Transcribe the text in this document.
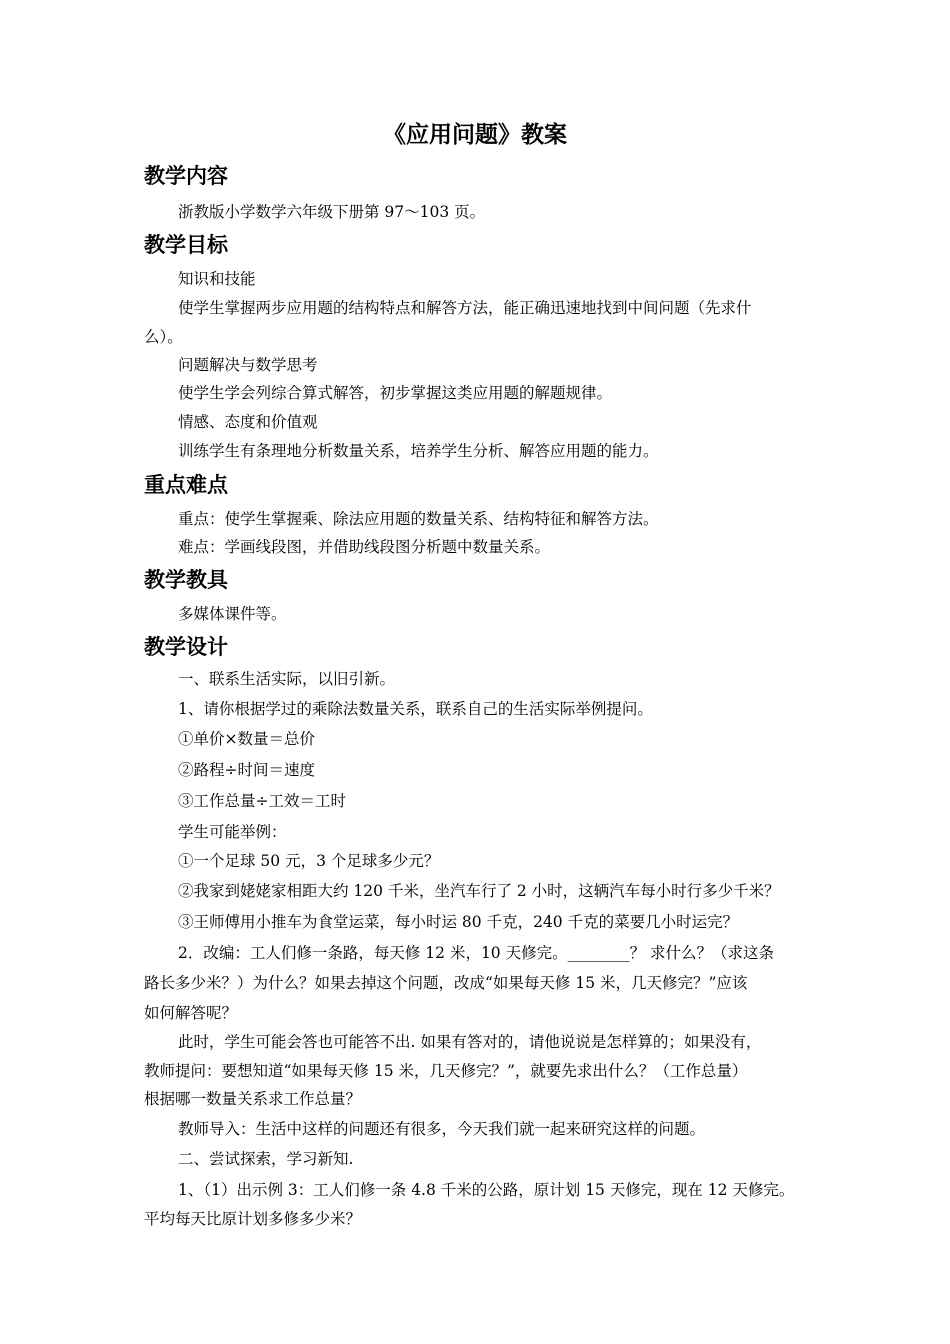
《应用问题》教案
教学内容
浙教版小学数学六年级下册第 97～103 页。
教学目标
知识和技能
使学生掌握两步应用题的结构特点和解答方法，能正确迅速地找到中间问题（先求什
么）。
问题解决与数学思考
使学生学会列综合算式解答，初步掌握这类应用题的解题规律。
情感、态度和价值观
训练学生有条理地分析数量关系，培养学生分析、解答应用题的能力。
重点难点
重点：使学生掌握乘、除法应用题的数量关系、结构特征和解答方法。
难点：学画线段图，并借助线段图分析题中数量关系。
教学教具
多媒体课件等。
教学设计
一、联系生活实际，以旧引新。
1、请你根据学过的乘除法数量关系，联系自己的生活实际举例提问。
①单价×数量＝总价
②路程÷时间＝速度
③工作总量÷工效＝工时
学生可能举例：
①一个足球 50 元，3 个足球多少元？
②我家到姥姥家相距大约 120 千米，坐汽车行了 2 小时，这辆汽车每小时行多少千米？
③王师傅用小推车为食堂运菜，每小时运 80 千克，240 千克的菜要几小时运完？
2．改编：工人们修一条路，每天修 12 米，10 天修完。________？ 求什么？（求这条
路长多少米？）为什么？如果去掉这个问题，改成“如果每天修 15 米，几天修完？”应该
如何解答呢？
此时，学生可能会答也可能答不出. 如果有答对的，请他说说是怎样算的；如果没有，
教师提问：要想知道“如果每天修 15 米，几天修完？”，就要先求出什么？（工作总量）
根据哪一数量关系求工作总量？
教师导入：生活中这样的问题还有很多，今天我们就一起来研究这样的问题。
二、尝试探索，学习新知.
1、（1）出示例 3：工人们修一条 4.8 千米的公路，原计划 15 天修完，现在 12 天修完。
平均每天比原计划多修多少米？
